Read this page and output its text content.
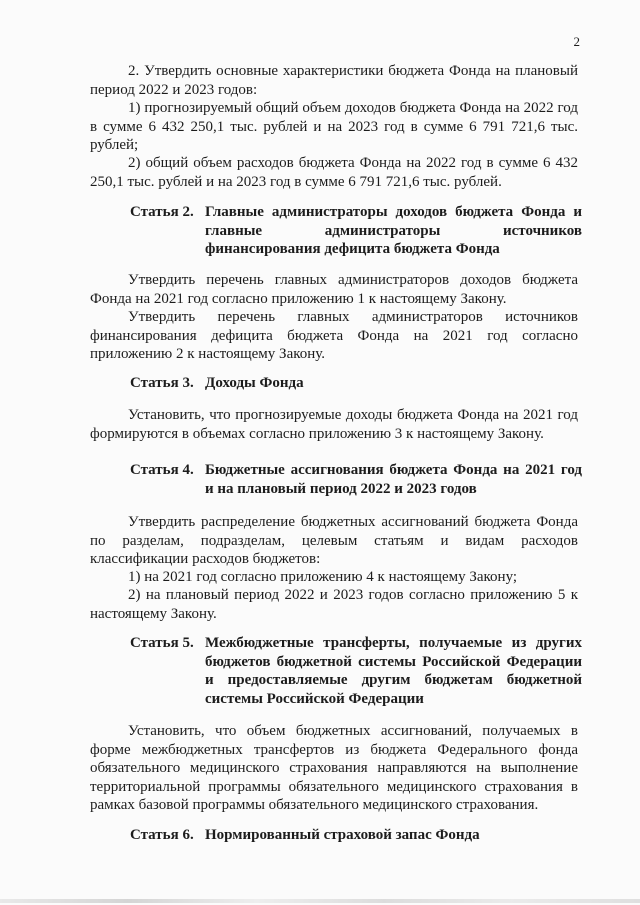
2

2. Утвердить основные характеристики бюджета Фонда на плановый период 2022 и 2023 годов:

1) прогнозируемый общий объем доходов бюджета Фонда на 2022 год в сумме 6 432 250,1 тыс. рублей и на 2023 год в сумме 6 791 721,6 тыс. рублей;

2) общий объем расходов бюджета Фонда на 2022 год в сумме 6 432 250,1 тыс. рублей и на 2023 год в сумме 6 791 721,6 тыс. рублей.

Статья 2. Главные администраторы доходов бюджета Фонда и главные администраторы источников финансирования дефицита бюджета Фонда

Утвердить перечень главных администраторов доходов бюджета Фонда на 2021 год согласно приложению 1 к настоящему Закону.

Утвердить перечень главных администраторов источников финансирования дефицита бюджета Фонда на 2021 год согласно приложению 2 к настоящему Закону.

Статья 3. Доходы Фонда

Установить, что прогнозируемые доходы бюджета Фонда на 2021 год формируются в объемах согласно приложению 3 к настоящему Закону.

Статья 4. Бюджетные ассигнования бюджета Фонда на 2021 год и на плановый период 2022 и 2023 годов

Утвердить распределение бюджетных ассигнований бюджета Фонда по разделам, подразделам, целевым статьям и видам расходов классификации расходов бюджетов:

1) на 2021 год согласно приложению 4 к настоящему Закону;

2) на плановый период 2022 и 2023 годов согласно приложению 5 к настоящему Закону.

Статья 5. Межбюджетные трансферты, получаемые из других бюджетов бюджетной системы Российской Федерации и предоставляемые другим бюджетам бюджетной системы Российской Федерации

Установить, что объем бюджетных ассигнований, получаемых в форме межбюджетных трансфертов из бюджета Федерального фонда обязательного медицинского страхования направляются на выполнение территориальной программы обязательного медицинского страхования в рамках базовой программы обязательного медицинского страхования.

Статья 6. Нормированный страховой запас Фонда
